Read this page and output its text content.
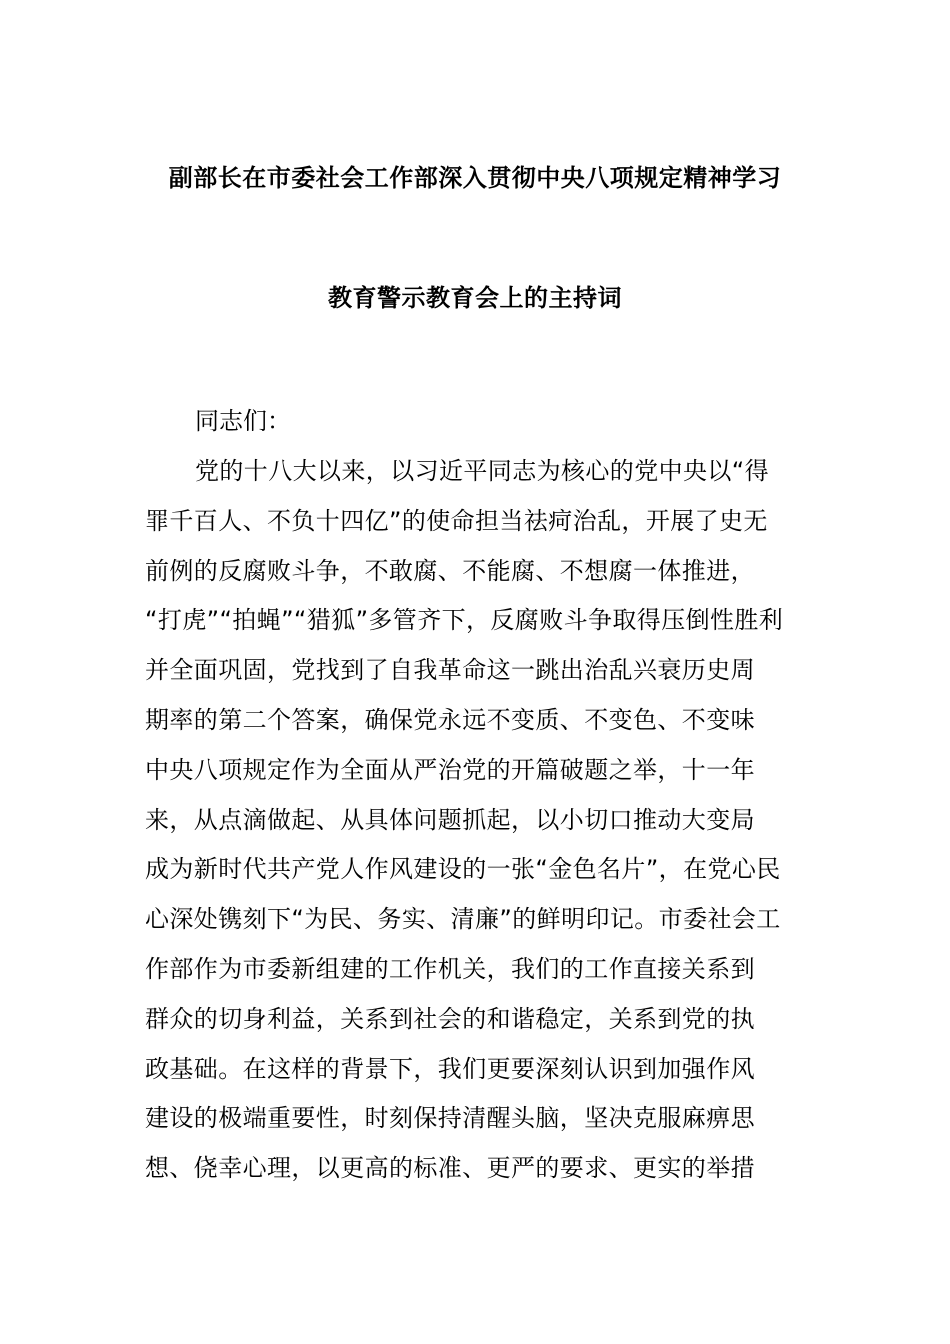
副部长在市委社会工作部深入贯彻中央八项规定精神学习
教育警示教育会上的主持词
同志们：
党的十八大以来，以习近平同志为核心的党中央以“得
罪千百人、不负十四亿”的使命担当祛疴治乱，开展了史无
前例的反腐败斗争，不敢腐、不能腐、不想腐一体推进，
“打虎”“拍蝇”“猎狐”多管齐下，反腐败斗争取得压倒性胜利
并全面巩固，党找到了自我革命这一跳出治乱兴衰历史周
期率的第二个答案，确保党永远不变质、不变色、不变味
中央八项规定作为全面从严治党的开篇破题之举，十一年
来，从点滴做起、从具体问题抓起，以小切口推动大变局
成为新时代共产党人作风建设的一张“金色名片”，在党心民
心深处镌刻下“为民、务实、清廉”的鲜明印记。市委社会工
作部作为市委新组建的工作机关，我们的工作直接关系到
群众的切身利益，关系到社会的和谐稳定，关系到党的执
政基础。在这样的背景下，我们更要深刻认识到加强作风
建设的极端重要性，时刻保持清醒头脑，坚决克服麻痹思
想、侥幸心理，以更高的标准、更严的要求、更实的举措
